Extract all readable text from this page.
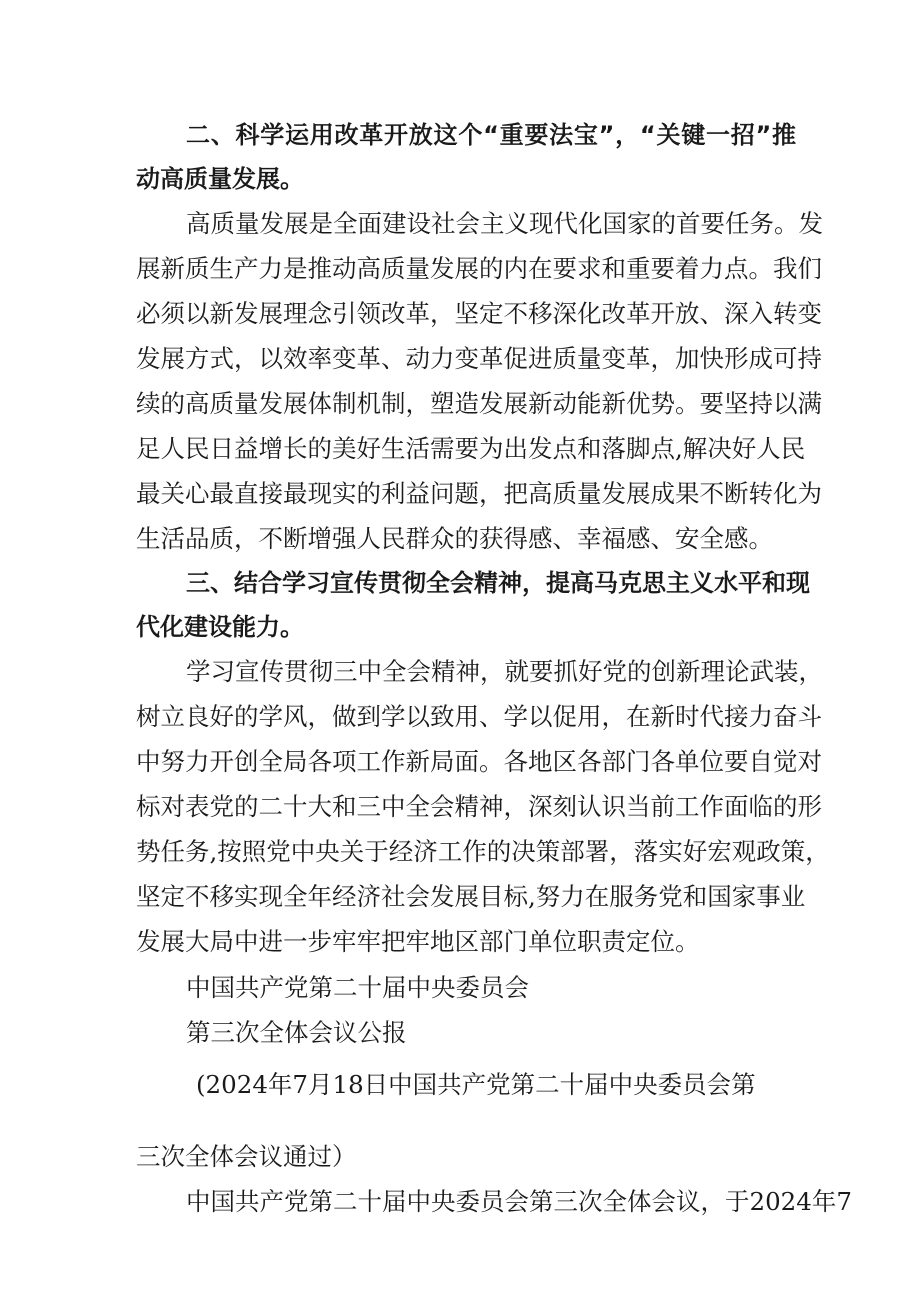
二、科学运用改革开放这个“重要法宝”，“关键一招”推

动高质量发展。

高质量发展是全面建设社会主义现代化国家的首要任务。发

展新质生产力是推动高质量发展的内在要求和重要着力点。我们

必须以新发展理念引领改革，坚定不移深化改革开放、深入转变

发展方式，以效率变革、动力变革促进质量变革，加快形成可持

续的高质量发展体制机制，塑造发展新动能新优势。要坚持以满

足人民日益增长的美好生活需要为出发点和落脚点,解决好人民

最关心最直接最现实的利益问题，把高质量发展成果不断转化为

生活品质，不断增强人民群众的获得感、幸福感、安全感。

三、结合学习宣传贯彻全会精神，提高马克思主义水平和现

代化建设能力。

学习宣传贯彻三中全会精神，就要抓好党的创新理论武装，

树立良好的学风，做到学以致用、学以促用，在新时代接力奋斗

中努力开创全局各项工作新局面。各地区各部门各单位要自觉对

标对表党的二十大和三中全会精神，深刻认识当前工作面临的形

势任务,按照党中央关于经济工作的决策部署，落实好宏观政策，

坚定不移实现全年经济社会发展目标,努力在服务党和国家事业

发展大局中进一步牢牢把牢地区部门单位职责定位。

中国共产党第二十届中央委员会

第三次全体会议公报

(2024年7月18日中国共产党第二十届中央委员会第

三次全体会议通过）

中国共产党第二十届中央委员会第三次全体会议，于2024年7
